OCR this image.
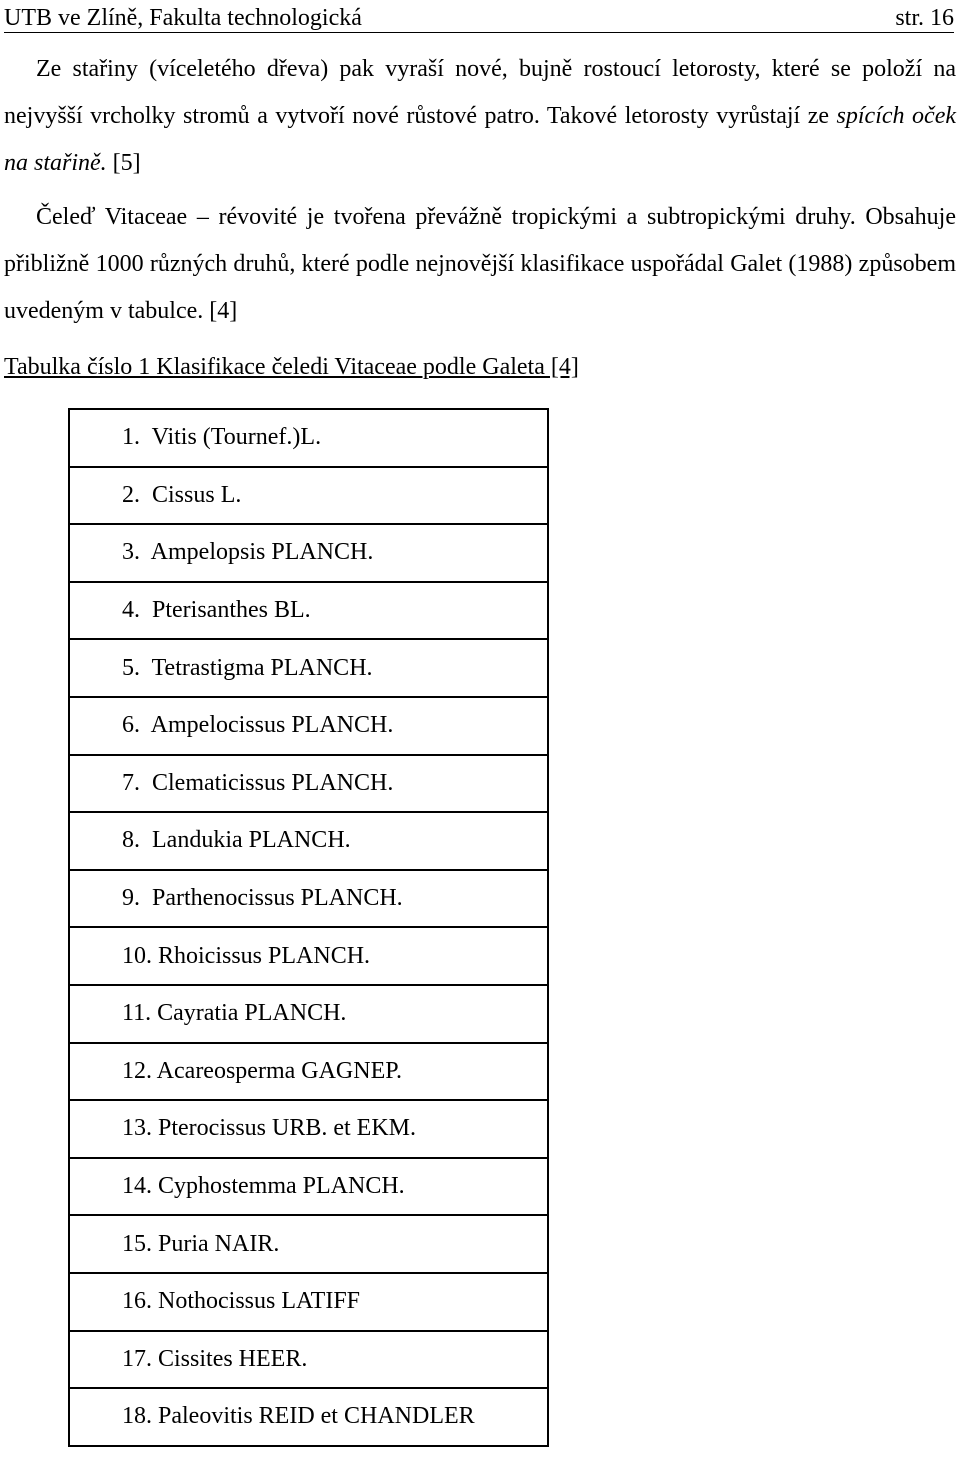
UTB ve Zlíně, Fakulta technologická	str. 16

Ze stařiny (víceletého dřeva) pak vyraší nové, bujně rostoucí letorosty, které se položí na nejvyšší vrcholky stromů a vytvoří nové růstové patro. Takové letorosty vyrůstají ze spících oček na stařině. [5]

Čeleď Vitaceae – révovité je tvořena převážně tropickými a subtropickými druhy. Obsahuje přibližně 1000 různých druhů, které podle nejnovější klasifikace uspořádal Galet (1988) způsobem uvedeným v tabulce. [4]

Tabulka číslo 1 Klasifikace čeledi Vitaceae podle Galeta [4]
1.  Vitis (Tournef.)L.
2.  Cissus L.
3.  Ampelopsis PLANCH.
4.  Pterisanthes BL.
5.  Tetrastigma PLANCH.
6.  Ampelocissus PLANCH.
7.  Clematicissus PLANCH.
8.  Landukia PLANCH.
9.  Parthenocissus PLANCH.
10. Rhoicissus PLANCH.
11. Cayratia PLANCH.
12. Acareosperma GAGNEP.
13. Pterocissus URB. et EKM.
14. Cyphostemma PLANCH.
15. Puria NAIR.
16. Nothocissus LATIFF
17. Cissites HEER.
18. Paleovitis REID et CHANDLER
